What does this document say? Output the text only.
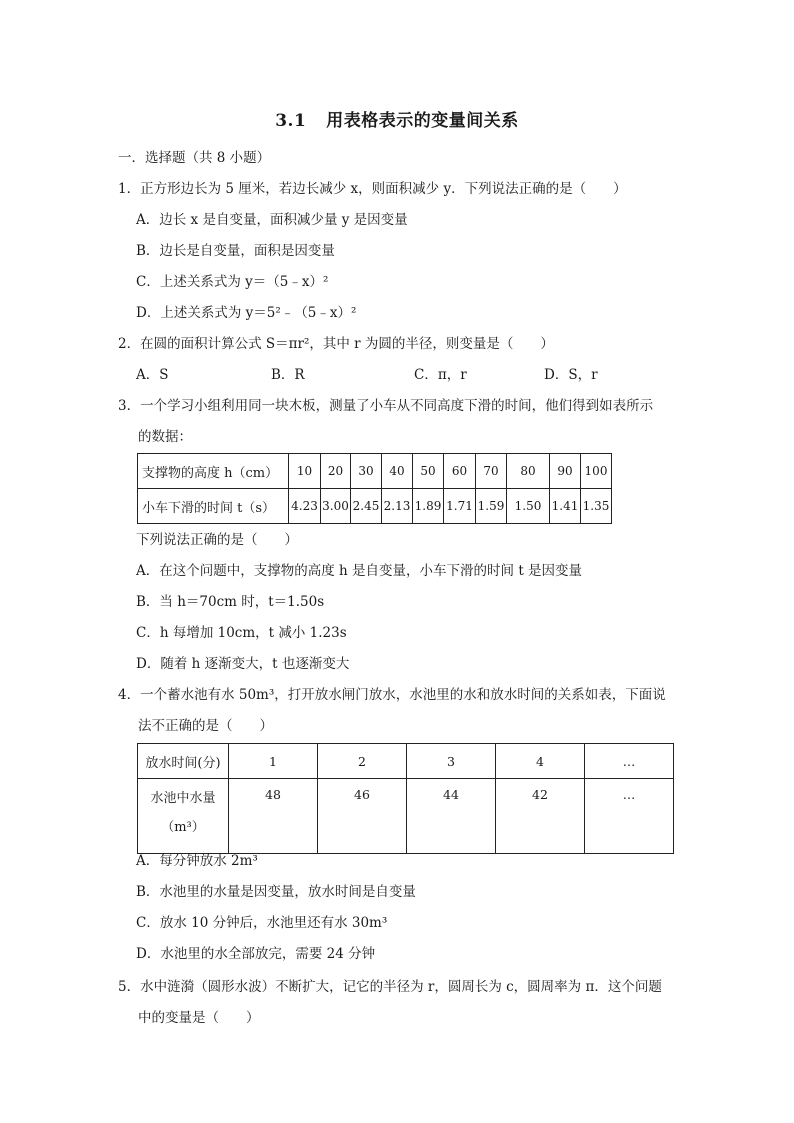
3.1 用表格表示的变量间关系
一．选择题（共 8 小题）
1．正方形边长为 5 厘米，若边长减少 x，则面积减少 y．下列说法正确的是（　　）
A．边长 x 是自变量，面积减少量 y 是因变量
B．边长是自变量，面积是因变量
C．上述关系式为 y＝（5﹣x）²
D．上述关系式为 y＝5²﹣（5﹣x）²
2．在圆的面积计算公式 S＝πr²，其中 r 为圆的半径，则变量是（　　）
A．S	B．R	C．π，r	D．S，r
3．一个学习小组利用同一块木板，测量了小车从不同高度下滑的时间，他们得到如表所示
的数据：
支撑物的高度 h（cm）	10	20	30	40	50	60	70	80	90	100
小车下滑的时间 t（s）	4.23	3.00	2.45	2.13	1.89	1.71	1.59	1.50	1.41	1.35
下列说法正确的是（　　）
A．在这个问题中，支撑物的高度 h 是自变量，小车下滑的时间 t 是因变量
B．当 h＝70cm 时，t＝1.50s
C．h 每增加 10cm，t 减小 1.23s
D．随着 h 逐渐变大，t 也逐渐变大
4．一个蓄水池有水 50m³，打开放水闸门放水，水池里的水和放水时间的关系如表，下面说
法不正确的是（　　）
放水时间(分)	1	2	3	4	…

水池中水量
（m³）	48	46	44	42	…
A．每分钟放水 2m³
B．水池里的水量是因变量，放水时间是自变量
C．放水 10 分钟后，水池里还有水 30m³
D．水池里的水全部放完，需要 24 分钟
5．水中涟漪（圆形水波）不断扩大，记它的半径为 r，圆周长为 c，圆周率为 π．这个问题
中的变量是（　　）
